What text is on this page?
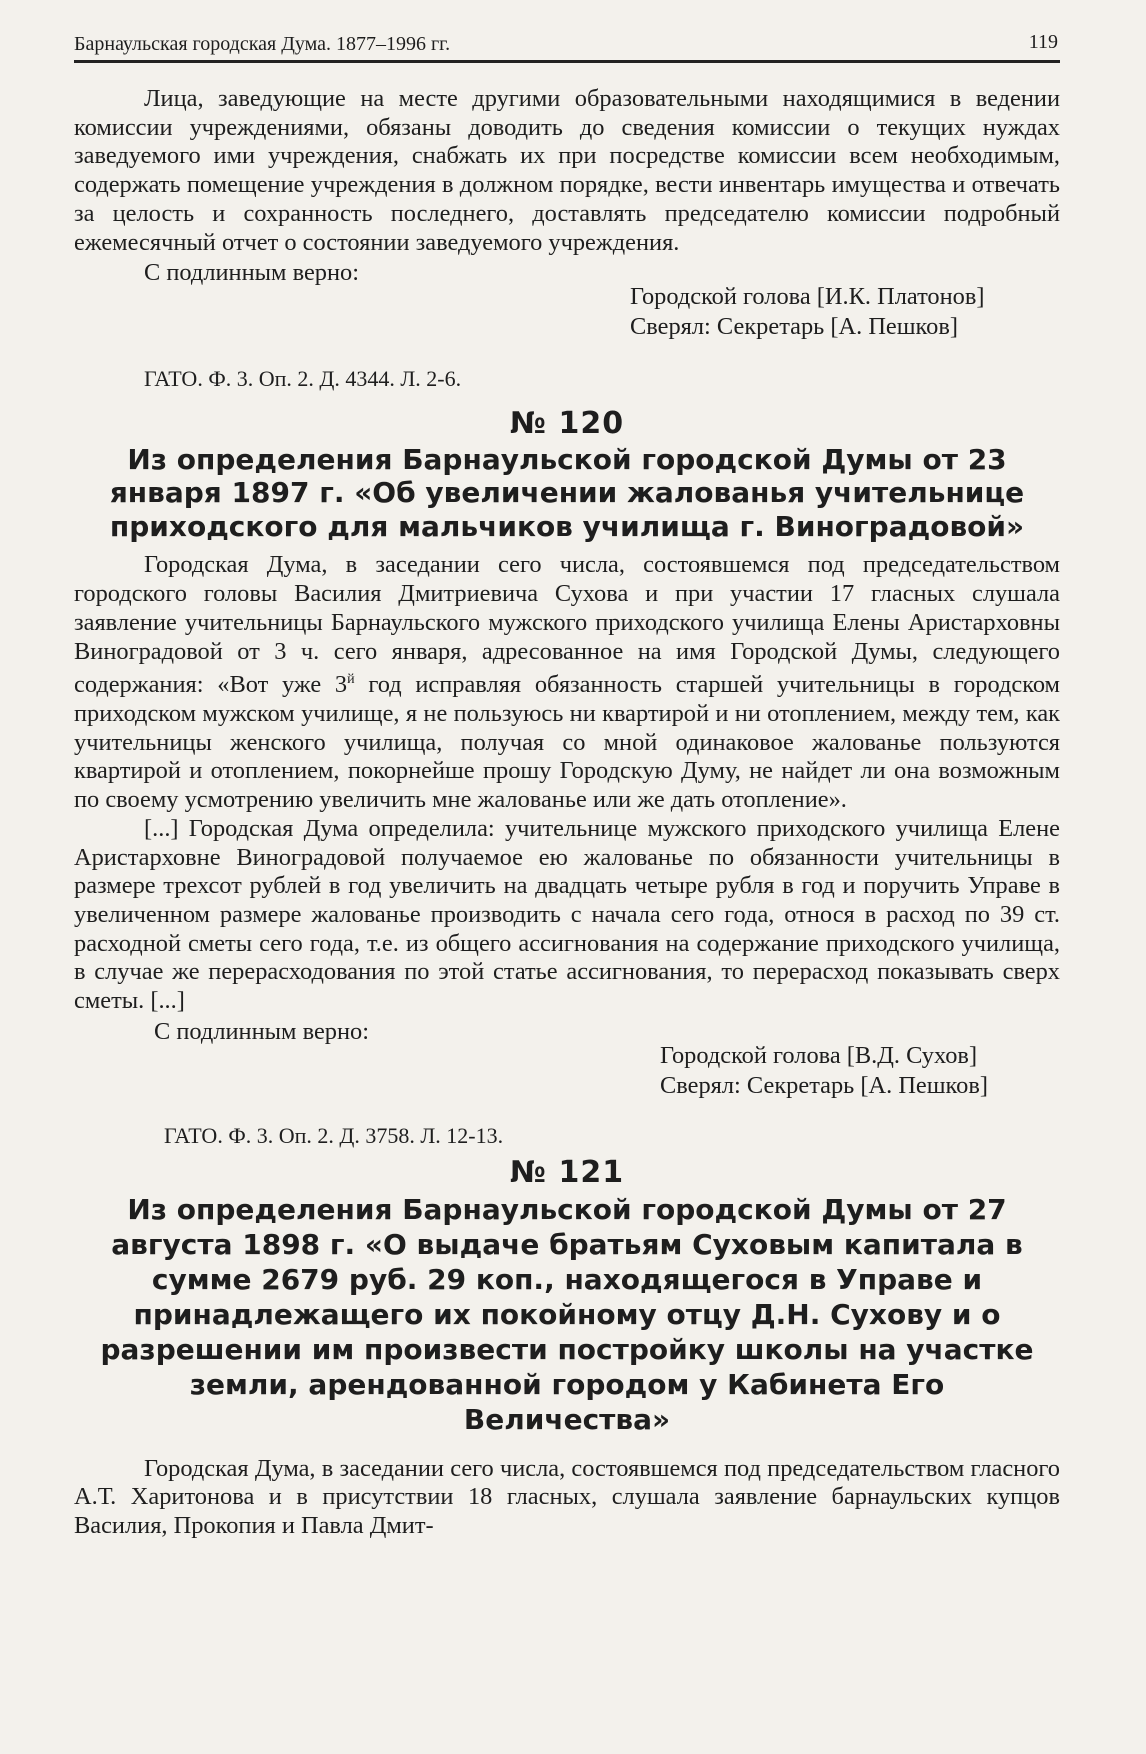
Барнаульская городская Дума. 1877–1996 гг.	119

Лица, заведующие на месте другими образовательными находящимися в ведении комиссии учреждениями, обязаны доводить до сведения комиссии о текущих нуждах заведуемого ими учреждения, снабжать их при посредстве комиссии всем необходимым, содержать помещение учреждения в должном порядке, вести инвентарь имущества и отвечать за целость и сохранность последнего, доставлять председателю комиссии подробный ежемесячный отчет о состоянии заведуемого учреждения.

С подлинным верно:
Городской голова [И.К. Платонов]
Сверял: Секретарь [А. Пешков]
ГАТО. Ф. 3. Оп. 2. Д. 4344. Л. 2-6.
№ 120
Из определения Барнаульской городской Думы от 23 января 1897 г. «Об увеличении жалованья учительнице приходского для мальчиков училища г. Виноградовой»

Городская Дума, в заседании сего числа, состоявшемся под председательством городского головы Василия Дмитриевича Сухова и при участии 17 гласных слушала заявление учительницы Барнаульского мужского приходского училища Елены Аристарховны Виноградовой от 3 ч. сего января, адресованное на имя Городской Думы, следующего содержания: «Вот уже $3^й$ год исправляя обязанность старшей учительницы в городском приходском мужском училище, я не пользуюсь ни квартирой и ни отоплением, между тем, как учительницы женского училища, получая со мной одинаковое жалованье пользуются квартирой и отоплением, покорнейше прошу Городскую Думу, не найдет ли она возможным по своему усмотрению увеличить мне жалованье или же дать отопление».

[...] Городская Дума определила: учительнице мужского приходского училища Елене Аристарховне Виноградовой получаемое ею жалованье по обязанности учительницы в размере трехсот рублей в год увеличить на двадцать четыре рубля в год и поручить Управе в увеличенном размере жалованье производить с начала сего года, относя в расход по 39 ст. расходной сметы сего года, т.е. из общего ассигнования на содержание приходского училища, в случае же перерасходования по этой статье ассигнования, то перерасход показывать сверх сметы. [...]

С подлинным верно:
Городской голова [В.Д. Сухов]
Сверял: Секретарь [А. Пешков]
ГАТО. Ф. 3. Оп. 2. Д. 3758. Л. 12-13.
№ 121
Из определения Барнаульской городской Думы от 27 августа 1898 г. «О выдаче братьям Суховым капитала в сумме 2679 руб. 29 коп., находящегося в Управе и принадлежащего их покойному отцу Д.Н. Сухову и о разрешении им произвести постройку школы на участке земли, арендованной городом у Кабинета Его Величества»

Городская Дума, в заседании сего числа, состоявшемся под председательством гласного А.Т. Харитонова и в присутствии 18 гласных, слушала заявление барнаульских купцов Василия, Прокопия и Павла Дмит-
